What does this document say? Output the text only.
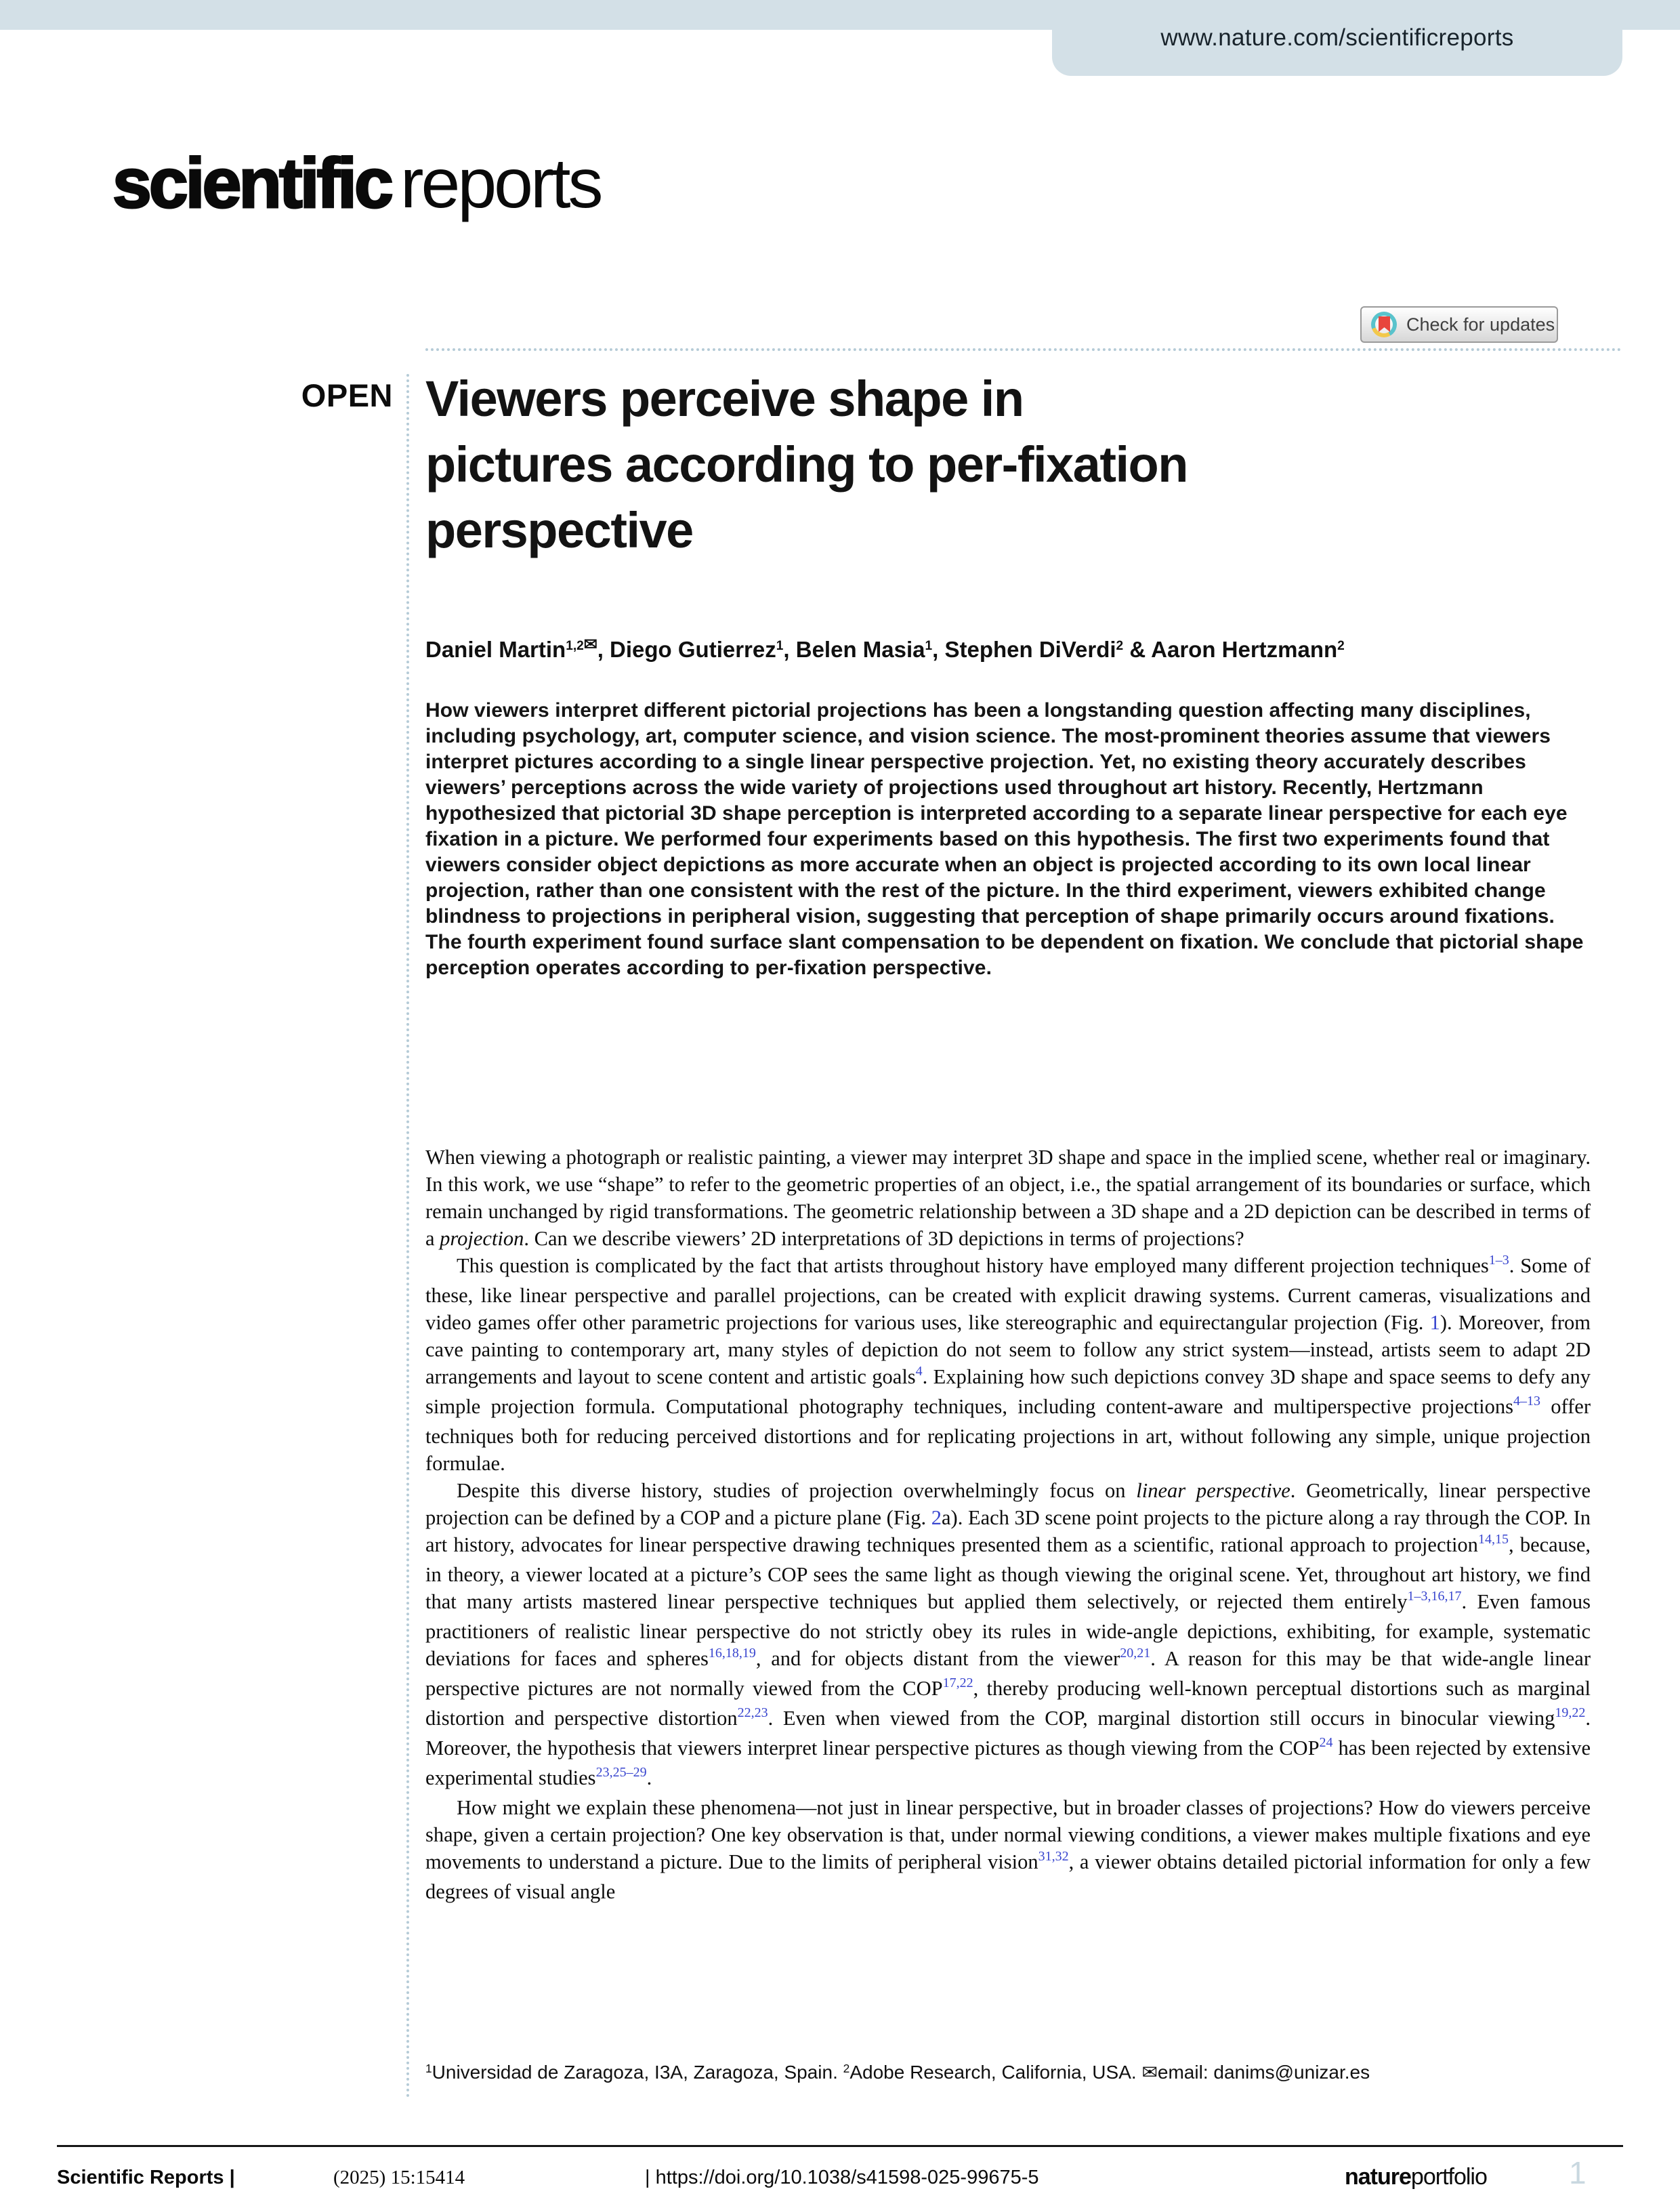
www.nature.com/scientificreports
scientific reports
Check for updates
OPEN Viewers perceive shape in
pictures according to per-fixation
perspective
Daniel Martin$^{1,2✉}$, Diego Gutierrez$^1$, Belen Masia$^1$, Stephen DiVerdi$^2$ & Aaron Hertzmann$^2$
How viewers interpret different pictorial projections has been a longstanding question affecting many disciplines, including psychology, art, computer science, and vision science. The most-prominent theories assume that viewers interpret pictures according to a single linear perspective projection. Yet, no existing theory accurately describes viewers’ perceptions across the wide variety of projections used throughout art history. Recently, Hertzmann hypothesized that pictorial 3D shape perception is interpreted according to a separate linear perspective for each eye fixation in a picture. We performed four experiments based on this hypothesis. The first two experiments found that viewers consider object depictions as more accurate when an object is projected according to its own local linear projection, rather than one consistent with the rest of the picture. In the third experiment, viewers exhibited change blindness to projections in peripheral vision, suggesting that perception of shape primarily occurs around fixations. The fourth experiment found surface slant compensation to be dependent on fixation. We conclude that pictorial shape perception operates according to per-fixation perspective.

When viewing a photograph or realistic painting, a viewer may interpret 3D shape and space in the implied scene, whether real or imaginary. In this work, we use “shape” to refer to the geometric properties of an object, i.e., the spatial arrangement of its boundaries or surface, which remain unchanged by rigid transformations. The geometric relationship between a 3D shape and a 2D depiction can be described in terms of a projection. Can we describe viewers’ 2D interpretations of 3D depictions in terms of projections?

This question is complicated by the fact that artists throughout history have employed many different projection techniques$^{1-3}$. Some of these, like linear perspective and parallel projections, can be created with explicit drawing systems. Current cameras, visualizations and video games offer other parametric projections for various uses, like stereographic and equirectangular projection (Fig. 1). Moreover, from cave painting to contemporary art, many styles of depiction do not seem to follow any strict system—instead, artists seem to adapt 2D arrangements and layout to scene content and artistic goals$^4$. Explaining how such depictions convey 3D shape and space seems to defy any simple projection formula. Computational photography techniques, including content-aware and multiperspective projections$^{4-13}$ offer techniques both for reducing perceived distortions and for replicating projections in art, without following any simple, unique projection formulae.

Despite this diverse history, studies of projection overwhelmingly focus on linear perspective. Geometrically, linear perspective projection can be defined by a COP and a picture plane (Fig. 2a). Each 3D scene point projects to the picture along a ray through the COP. In art history, advocates for linear perspective drawing techniques presented them as a scientific, rational approach to projection$^{14,15}$, because, in theory, a viewer located at a picture’s COP sees the same light as though viewing the original scene. Yet, throughout art history, we find that many artists mastered linear perspective techniques but applied them selectively, or rejected them entirely$^{1-3,16,17}$. Even famous practitioners of realistic linear perspective do not strictly obey its rules in wide-angle depictions, exhibiting, for example, systematic deviations for faces and spheres$^{16,18,19}$, and for objects distant from the viewer$^{20,21}$. A reason for this may be that wide-angle linear perspective pictures are not normally viewed from the COP$^{17,22}$, thereby producing well-known perceptual distortions such as marginal distortion and perspective distortion$^{22,23}$. Even when viewed from the COP, marginal distortion still occurs in binocular viewing$^{19,22}$. Moreover, the hypothesis that viewers interpret linear perspective pictures as though viewing from the COP$^{24}$ has been rejected by extensive experimental studies$^{23,25-29}$.

How might we explain these phenomena—not just in linear perspective, but in broader classes of projections? How do viewers perceive shape, given a certain projection? One key observation is that, under normal viewing conditions, a viewer makes multiple fixations and eye movements to understand a picture. Due to the limits of peripheral vision$^{31,32}$, a viewer obtains detailed pictorial information for only a few degrees of visual angle

$^1$Universidad de Zaragoza, I3A, Zaragoza, Spain. $^2$Adobe Research, California, USA. ✉email: danims@unizar.es
Scientific Reports |	(2025) 15:15414	| https://doi.org/10.1038/s41598-025-99675-5	natureportfolio	1
